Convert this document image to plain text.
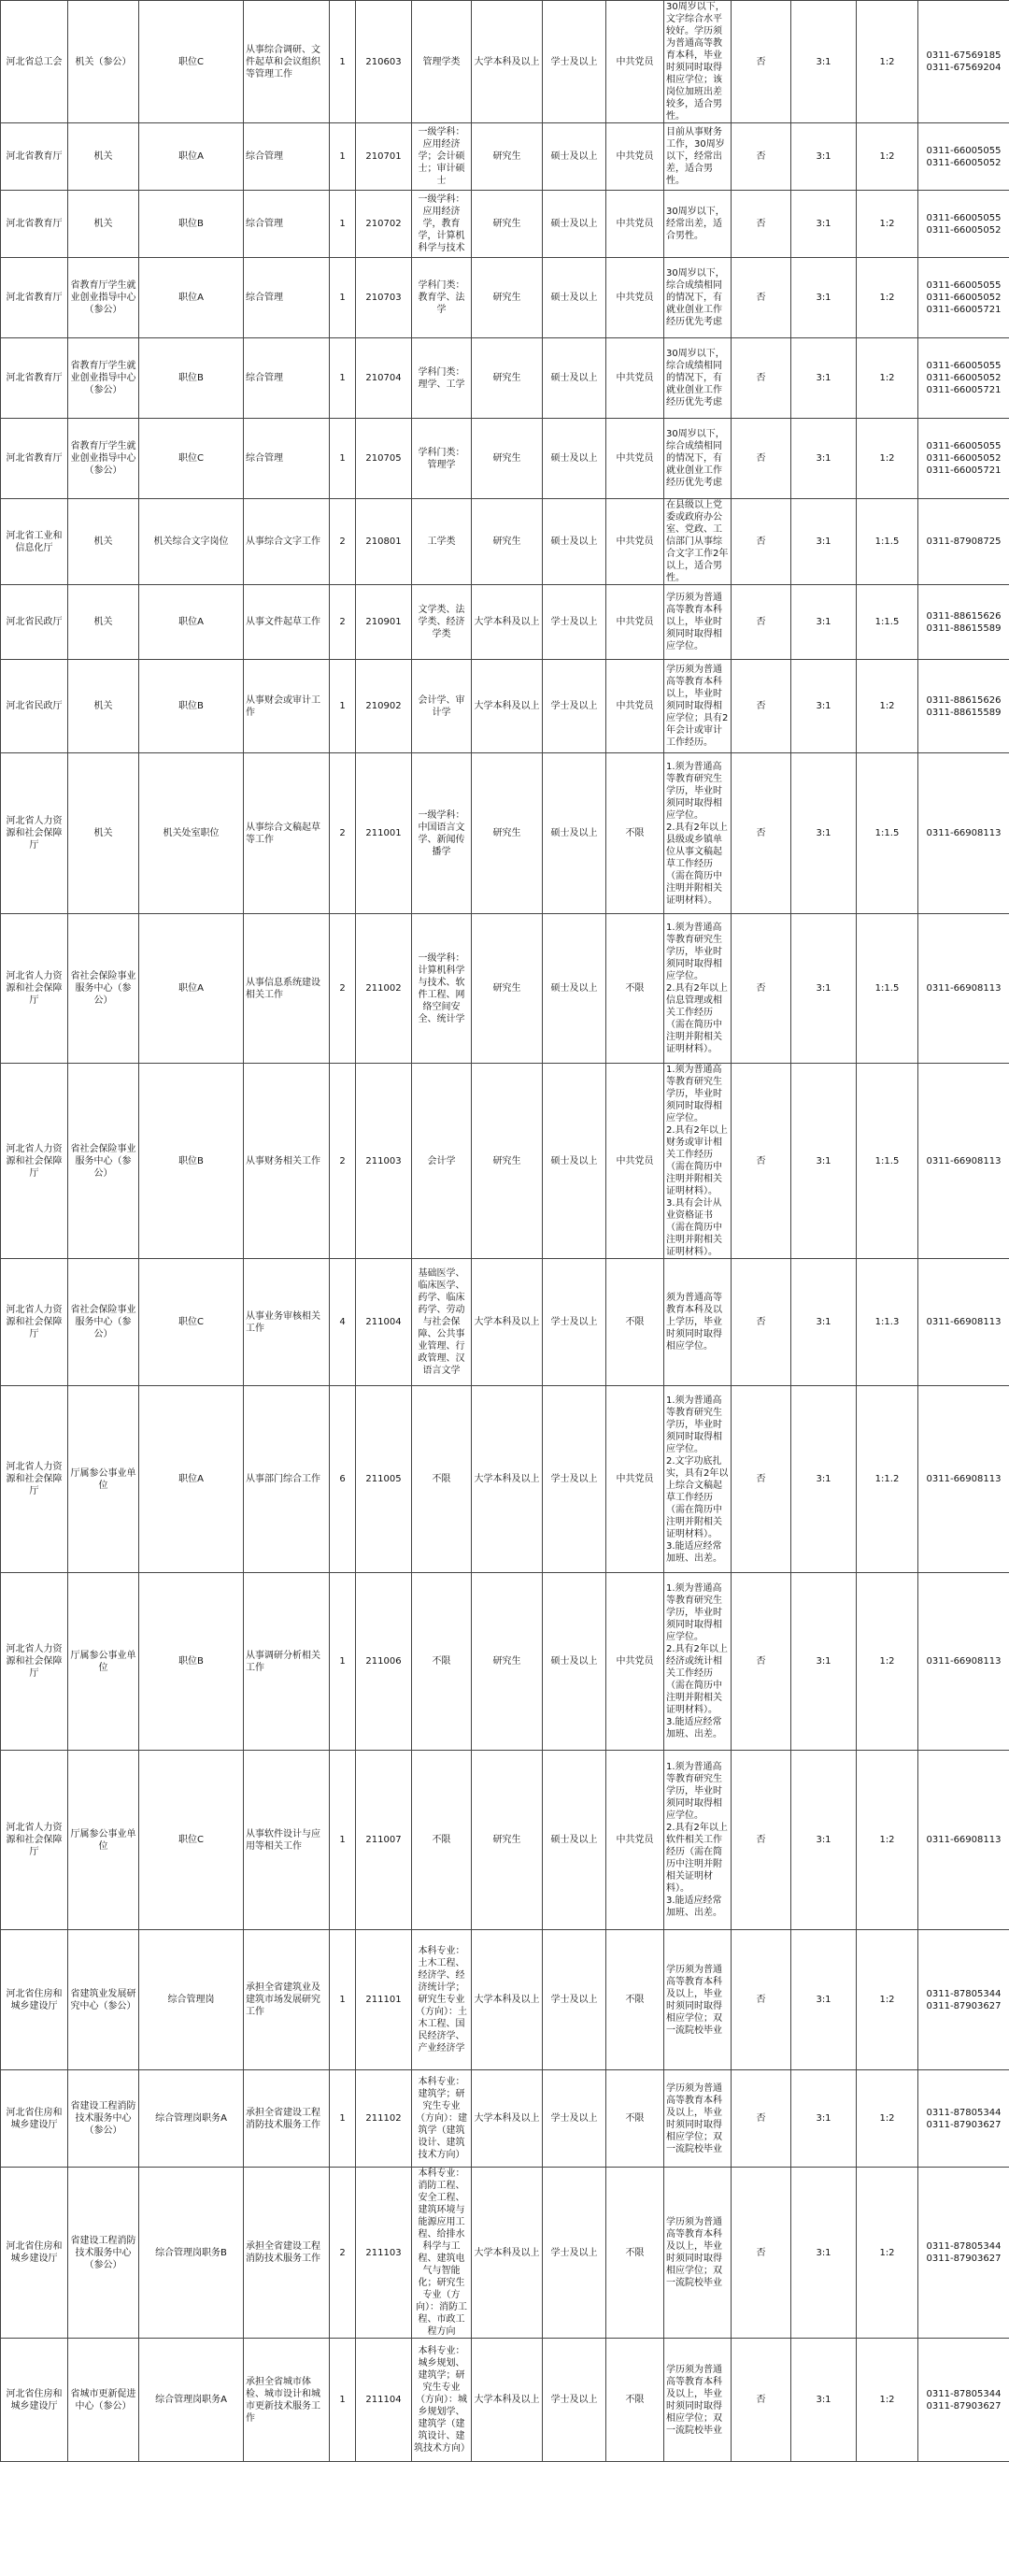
河北省总工会	机关（参公）	职位C	从事综合调研、文件起草和会议组织等管理工作	1	210603	管理学类	大学本科及以上	学士及以上	中共党员	30周岁以下，文字综合水平较好。学历须为普通高等教育本科，毕业时须同时取得相应学位；该岗位加班出差较多，适合男性。	否	3:1	1:2	0311-67569185
0311-67569204
河北省教育厅	机关	职位A	综合管理	1	210701	一级学科：应用经济学；会计硕士；审计硕士	研究生	硕士及以上	中共党员	目前从事财务工作，30周岁以下，经常出差，适合男性。	否	3:1	1:2	0311-66005055
0311-66005052
河北省教育厅	机关	职位B	综合管理	1	210702	一级学科：应用经济学，教育学，计算机科学与技术	研究生	硕士及以上	中共党员	30周岁以下，经常出差，适合男性。	否	3:1	1:2	0311-66005055
0311-66005052
河北省教育厅	省教育厅学生就业创业指导中心（参公）	职位A	综合管理	1	210703	学科门类：教育学、法学	研究生	硕士及以上	中共党员	30周岁以下，综合成绩相同的情况下，有就业创业工作经历优先考虑	否	3:1	1:2	0311-66005055
0311-66005052
0311-66005721
河北省教育厅	省教育厅学生就业创业指导中心（参公）	职位B	综合管理	1	210704	学科门类：理学、工学	研究生	硕士及以上	中共党员	30周岁以下，综合成绩相同的情况下，有就业创业工作经历优先考虑	否	3:1	1:2	0311-66005055
0311-66005052
0311-66005721
河北省教育厅	省教育厅学生就业创业指导中心（参公）	职位C	综合管理	1	210705	学科门类：管理学	研究生	硕士及以上	中共党员	30周岁以下，综合成绩相同的情况下，有就业创业工作经历优先考虑	否	3:1	1:2	0311-66005055
0311-66005052
0311-66005721
河北省工业和信息化厅	机关	机关综合文字岗位	从事综合文字工作	2	210801	工学类	研究生	硕士及以上	中共党员	在县级以上党委或政府办公室、党政、工信部门从事综合文字工作2年以上，适合男性。	否	3:1	1:1.5	0311-87908725
河北省民政厅	机关	职位A	从事文件起草工作	2	210901	文学类、法学类、经济学类	大学本科及以上	学士及以上	中共党员	学历须为普通高等教育本科以上，毕业时须同时取得相应学位。	否	3:1	1:1.5	0311-88615626
0311-88615589
河北省民政厅	机关	职位B	从事财会或审计工作	1	210902	会计学、审计学	大学本科及以上	学士及以上	中共党员	学历须为普通高等教育本科以上，毕业时须同时取得相应学位；具有2年会计或审计工作经历。	否	3:1	1:2	0311-88615626
0311-88615589
河北省人力资源和社会保障厅	机关	机关处室职位	从事综合文稿起草等工作	2	211001	一级学科：中国语言文学、新闻传播学	研究生	硕士及以上	不限	1.须为普通高等教育研究生学历，毕业时须同时取得相应学位。
2.具有2年以上县级或乡镇单位从事文稿起草工作经历（需在简历中注明并附相关证明材料）。	否	3:1	1:1.5	0311-66908113
河北省人力资源和社会保障厅	省社会保险事业服务中心（参公）	职位A	从事信息系统建设相关工作	2	211002	一级学科：计算机科学与技术、软件工程、网络空间安全、统计学	研究生	硕士及以上	不限	1.须为普通高等教育研究生学历，毕业时须同时取得相应学位。
2.具有2年以上信息管理或相关工作经历（需在简历中注明并附相关证明材料）。	否	3:1	1:1.5	0311-66908113
河北省人力资源和社会保障厅	省社会保险事业服务中心（参公）	职位B	从事财务相关工作	2	211003	会计学	研究生	硕士及以上	中共党员	1.须为普通高等教育研究生学历，毕业时须同时取得相应学位。
2.具有2年以上财务或审计相关工作经历（需在简历中注明并附相关证明材料）。
3.具有会计从业资格证书（需在简历中注明并附相关证明材料）。	否	3:1	1:1.5	0311-66908113
河北省人力资源和社会保障厅	省社会保险事业服务中心（参公）	职位C	从事业务审核相关工作	4	211004	基础医学、临床医学、药学、临床药学、劳动与社会保障、公共事业管理、行政管理、汉语言文学	大学本科及以上	学士及以上	不限	须为普通高等教育本科及以上学历，毕业时须同时取得相应学位。	否	3:1	1:1.3	0311-66908113
河北省人力资源和社会保障厅	厅属参公事业单位	职位A	从事部门综合工作	6	211005	不限	大学本科及以上	学士及以上	中共党员	1.须为普通高等教育研究生学历，毕业时须同时取得相应学位。
2.文字功底扎实，具有2年以上综合文稿起草工作经历（需在简历中注明并附相关证明材料）。
3.能适应经常加班、出差。	否	3:1	1:1.2	0311-66908113
河北省人力资源和社会保障厅	厅属参公事业单位	职位B	从事调研分析相关工作	1	211006	不限	研究生	硕士及以上	中共党员	1.须为普通高等教育研究生学历，毕业时须同时取得相应学位。
2.具有2年以上经济或统计相关工作经历（需在简历中注明并附相关证明材料）。
3.能适应经常加班、出差。	否	3:1	1:2	0311-66908113
河北省人力资源和社会保障厅	厅属参公事业单位	职位C	从事软件设计与应用等相关工作	1	211007	不限	研究生	硕士及以上	中共党员	1.须为普通高等教育研究生学历，毕业时须同时取得相应学位。
2.具有2年以上软件相关工作经历（需在简历中注明并附相关证明材料）。
3.能适应经常加班、出差。	否	3:1	1:2	0311-66908113
河北省住房和城乡建设厅	省建筑业发展研究中心（参公）	综合管理岗	承担全省建筑业及建筑市场发展研究工作	1	211101	本科专业：土木工程、经济学、经济统计学；研究生专业（方向）：土木工程、国民经济学、产业经济学	大学本科及以上	学士及以上	不限	学历须为普通高等教育本科及以上，毕业时须同时取得相应学位；双一流院校毕业	否	3:1	1:2	0311-87805344
0311-87903627
河北省住房和城乡建设厅	省建设工程消防技术服务中心（参公）	综合管理岗职务A	承担全省建设工程消防技术服务工作	1	211102	本科专业：建筑学；研究生专业（方向）：建筑学（建筑设计、建筑技术方向）	大学本科及以上	学士及以上	不限	学历须为普通高等教育本科及以上，毕业时须同时取得相应学位；双一流院校毕业	否	3:1	1:2	0311-87805344
0311-87903627
河北省住房和城乡建设厅	省建设工程消防技术服务中心（参公）	综合管理岗职务B	承担全省建设工程消防技术服务工作	2	211103	本科专业：消防工程、安全工程、建筑环境与能源应用工程、给排水科学与工程、建筑电气与智能化；研究生专业（方向）：消防工程、市政工程方向	大学本科及以上	学士及以上	不限	学历须为普通高等教育本科及以上，毕业时须同时取得相应学位；双一流院校毕业	否	3:1	1:2	0311-87805344
0311-87903627
河北省住房和城乡建设厅	省城市更新促进中心（参公）	综合管理岗职务A	承担全省城市体检、城市设计和城市更新技术服务工作	1	211104	本科专业：城乡规划、建筑学；研究生专业（方向）：城乡规划学、建筑学（建筑设计、建筑技术方向）	大学本科及以上	学士及以上	不限	学历须为普通高等教育本科及以上，毕业时须同时取得相应学位；双一流院校毕业	否	3:1	1:2	0311-87805344
0311-87903627
